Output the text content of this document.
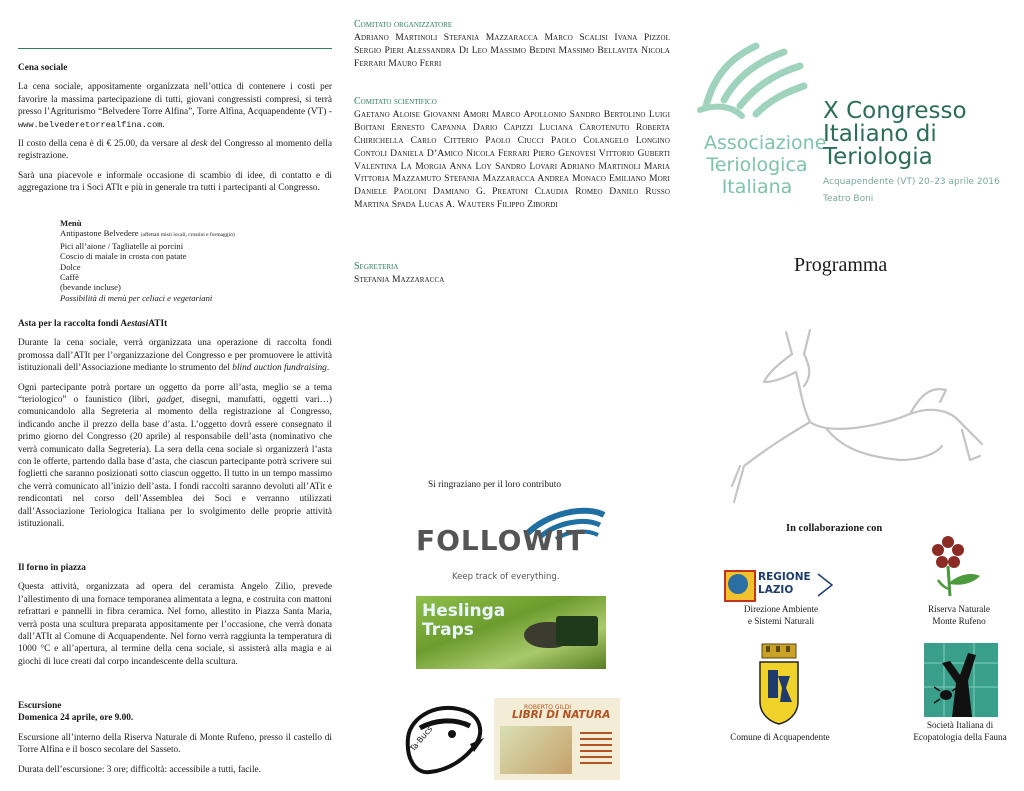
Cena sociale
La cena sociale, appositamente organizzata nell’ottica di contenere i costi per favorire la massima partecipazione di tutti, giovani congressisti compresi, si terrà presso l’Agriturismo “Belvedere Torre Alfina”, Torre Alfina, Acquapendente (VT) - www.belvederetorrealfina.com.
Il costo della cena è di € 25.00, da versare al desk del Congresso al momento della registrazione.
Sarà una piacevole e informale occasione di scambio di idee, di contatto e di aggregazione tra i Soci ATIt e più in generale tra tutti i partecipanti al Congresso.
Menù
Antipastone Belvedere (affettati misti locali, crostini e formaggio)
Pici all’aione / Tagliatelle ai porcini
Coscio di maiale in crosta con patate
Dolce
Caffè
(bevande incluse)
Possibilità di menù per celiaci e vegetariani
Asta per la raccolta fondi AestasiATIt
Durante la cena sociale, verrà organizzata una operazione di raccolta fondi promossa dall’ATIt per l’organizzazione del Congresso e per promuovere le attività istituzionali dell’Associazione mediante lo strumento del blind auction fundraising.
Ogni partecipante potrà portare un oggetto da porre all’asta, meglio se a tema “teriologico” o faunistico (libri, gadget, disegni, manufatti, oggetti vari…) comunicandolo alla Segreteria al momento della registrazione al Congresso, indicando anche il prezzo della base d’asta. L’oggetto dovrà essere consegnato il primo giorno del Congresso (20 aprile) al responsabile dell’asta (nominativo che verrà comunicato dalla Segreteria). La sera della cena sociale si organizzerà l’asta con le offerte, partendo dalla base d’asta, che ciascun partecipante potrà scrivere sui foglietti che saranno posizionati sotto ciascun oggetto. Il tutto in un tempo massimo che verrà comunicato all’inizio dell’asta. I fondi raccolti saranno devoluti all’ATit e rendicontati nel corso dell’Assemblea dei Soci e verranno utilizzati dall’Associazione Teriologica Italiana per lo svolgimento delle proprie attività istituzionali.
Il forno in piazza
Questa attività, organizzata ad opera del ceramista Angelo Zilio, prevede l’allestimento di una fornace temporanea alimentata a legna, e costruita con mattoni refrattari e pannelli in fibra ceramica. Nel forno, allestito in Piazza Santa Maria, verrà posta una scultura preparata appositamente per l’occasione, che verrà donata dall’ATIt al Comune di Acquapendente. Nel forno verrà raggiunta la temperatura di 1000 °C e all’apertura, al termine della cena sociale, si assisterà alla magia e ai giochi di luce creati dal corpo incandescente della scultura.
Escursione
Domenica 24 aprile, ore 9.00.
Escursione all’interno della Riserva Naturale di Monte Rufeno, presso il castello di Torre Alfina e il bosco secolare del Sasseto.
Durata dell’escursione: 3 ore; difficoltà: accessibile a tutti, facile.
Comitato organizzatore
Adriano Martinoli Stefania Mazzaracca Marco Scalisi Ivana Pizzol Sergio Pieri Alessandra Di Leo Massimo Bedini Massimo Bellavita Nicola Ferrari Mauro Ferri
Comitato scientifico
Gaetano Aloise Giovanni Amori Marco Apollonio Sandro Bertolino Luigi Boitani Ernesto Capanna Dario Capizzi Luciana Carotenuto Roberta Chirichella Carlo Citterio Paolo Ciucci Paolo Colangelo Longino Contoli Daniela D’Amico Nicola Ferrari Piero Genovesi Vittorio Guberti Valentina La Morgia Anna Loy Sandro Lovari Adriano Martinoli Maria Vittoria Mazzamuto Stefania Mazzaracca Andrea Monaco Emiliano Mori Daniele Paoloni Damiano G. Preatoni Claudia Romeo Danilo Russo Martina Spada Lucas A. Wauters Filippo Zibordi
Segreteria
Stefania Mazzaracca
Si ringraziano per il loro contributo
FOLLOWIT
Keep track of everything.
Heslinga
Traps
Ta·Bucs
ROBERTO GILDI
LIBRI DI NATURA
Associazione
Teriologica
Italiana
X Congresso
Italiano di
Teriologia
Acquapendente (VT) 20–23 aprile 2016
Teatro Boni
Programma
In collaborazione con
REGIONE
LAZIO
Direzione Ambiente
e Sistemi Naturali
Riserva Naturale
Monte Rufeno
Comune di Acquapendente
Società Italiana di
Ecopatologia della Fauna
